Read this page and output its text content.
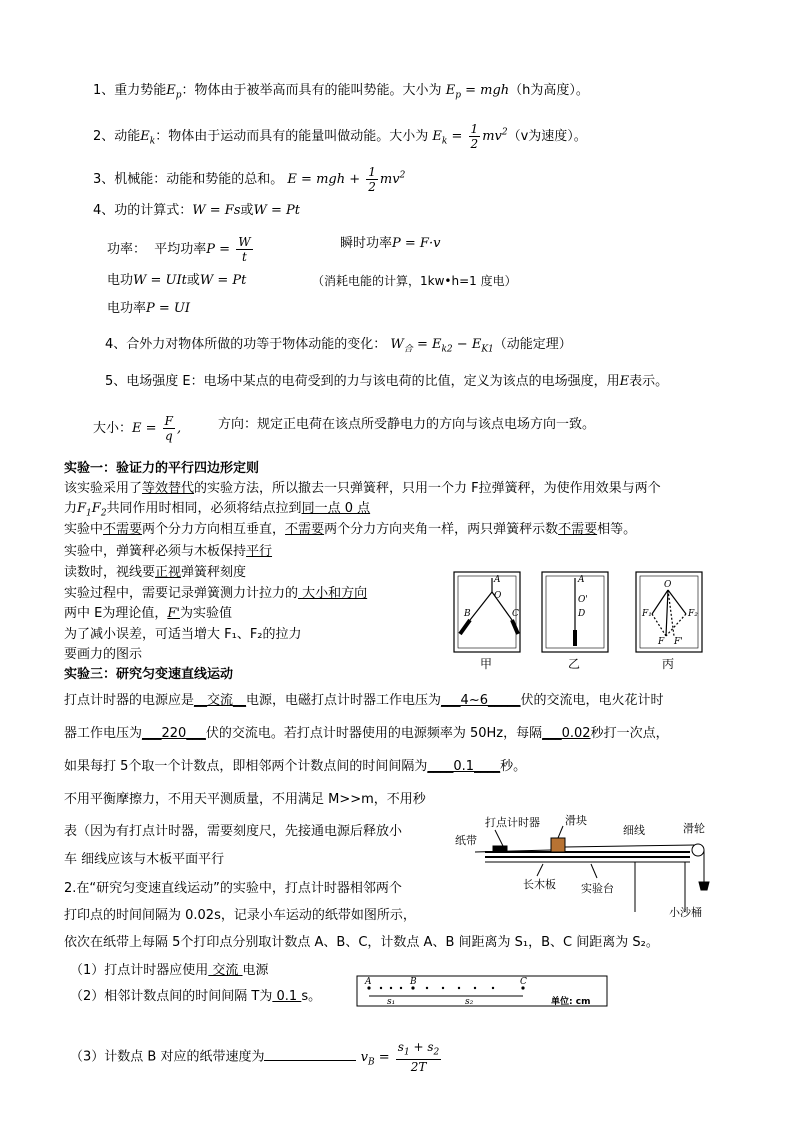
1、重力势能$E_p$：物体由于被举高而具有的能叫势能。大小为 $E_p = mgh(h$为高度）。
2、动能$E_k$：物体由于运动而具有的能量叫做动能。大小为 $E_k = \frac{1}{2} mv^2(v$为速度）。
3、机械能：动能和势能的总和。 E = mgh + $\frac{1}{2} mv^2$
4、功的计算式：W = Fs或W = Pt
功率： 平均功率$P = \frac{W}{t}$	瞬时功率P = F·v
电功W = UIt或W = Pt	（消耗电能的计算，1kw•h=1 度电）
电功率P = UI
4、合外力对物体所做的功等于物体动能的变化： $W_合 = E_{k2} - E_{K1}$（动能定理）
5、电场强度 E：电场中某点的电荷受到的力与该电荷的比值，定义为该点的电场强度，用E表示。
大小：$E = \frac{F}{q}$ ,	方向：规定正电荷在该点所受静电力的方向与该点电场方向一致。
实验一：验证力的平行四边形定则
该实验采用了等效替代的实验方法，所以撤去一只弹簧秤，只用一个力 F拉弹簧秤，为使作用效果与两个
力$F_1F_2$共同作用时相同，必须将结点拉到同一点 0 点
实验中不需要两个分力方向相互垂直，不需要两个分力方向夹角一样，两只弹簧秤示数不需要相等。
实验中，弹簧秤必须与木板保持平行
读数时，视线要正视弹簧秤刻度
实验过程中，需要记录弹簧测力计拉力的 大小和方向
两中 E为理论值，F'为实验值
为了减小误差，可适当增大 F₁、F₂的拉力
要画力的图示
A
O
B	C
A
O'
D
O
F₁	F₂
F F'
甲	乙	丙
实验三：研究匀变速直线运动
打点计时器的电源应是__交流__电源，电磁打点计时器工作电压为___4~6_____伏的交流电，电火花计时
器工作电压为___220___伏的交流电。若打点计时器使用的电源频率为 50Hz，每隔___0.02秒打一次点，
如果每打 5个取一个计数点，即相邻两个计数点间的时间间隔为____0.1____秒。
不用平衡摩擦力，不用天平测质量，不用满足 M>>m，不用秒
表（因为有打点计时器，需要刻度尺，先接通电源后释放小
车 细线应该与木板平面平行
2.在“研究匀变速直线运动”的实验中，打点计时器相邻两个
打印点的时间间隔为 0.02s，记录小车运动的纸带如图所示，
依次在纸带上每隔 5个打印点分别取计数点 A、B、C，计数点 A、B 间距离为 S₁，B、C 间距离为 S₂。
（1）打点计时器应使用 交流 电源
（2）相邻计数点间的时间间隔 T为 0.1 s。
（3）计数点 B 对应的纸带速度为	$v_B = \frac{s_1 + s_2}{2T}$
打点计时器 滑块
细线	滑轮
纸带
长木板 实验台
小沙桶
A	B	C
s₁	s₂	单位: cm
